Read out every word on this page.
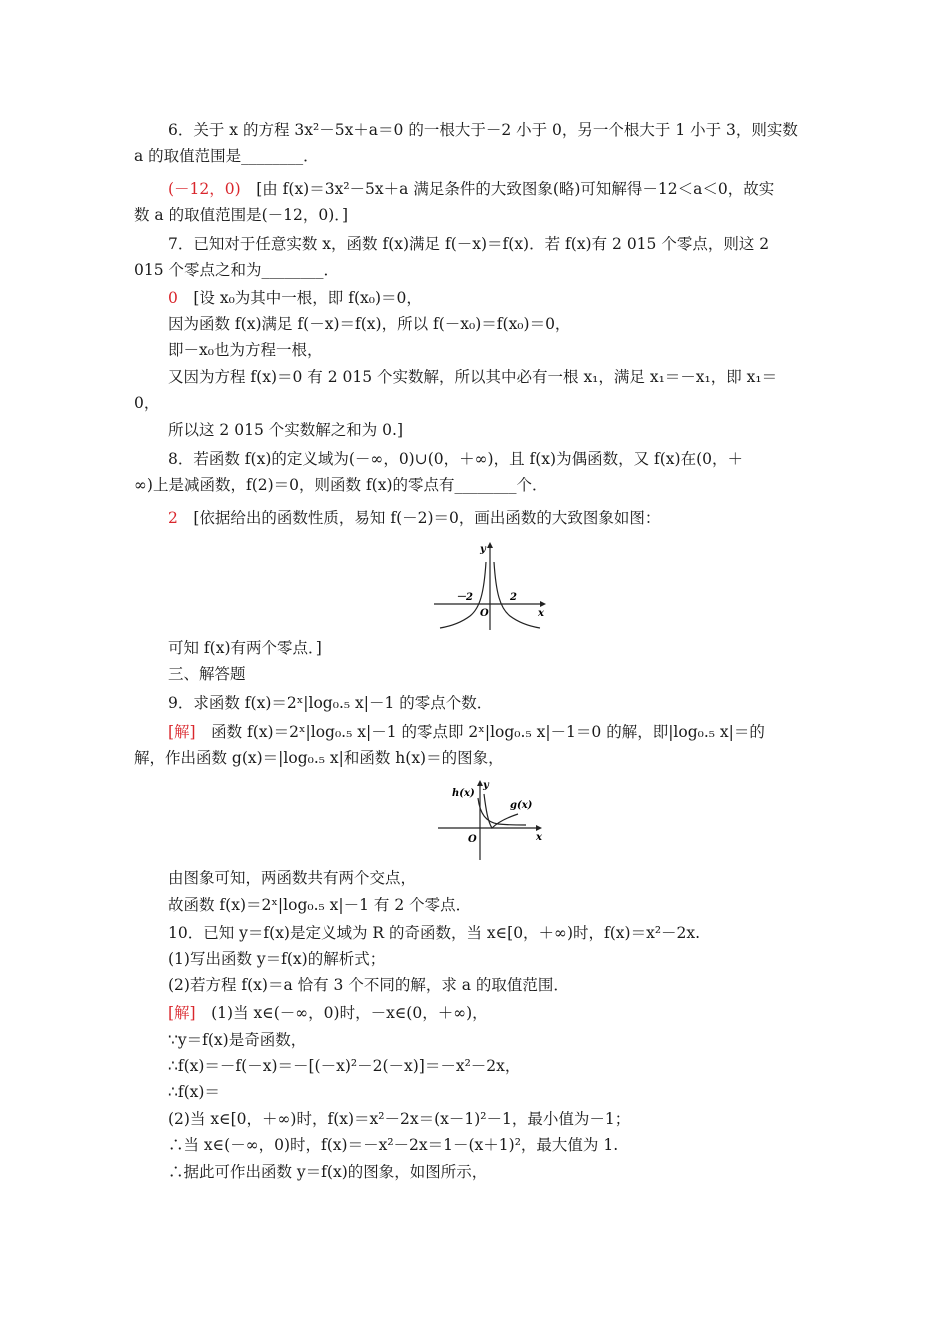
6．关于 x 的方程 3x²－5x＋a＝0 的一根大于－2 小于 0，另一个根大于 1 小于 3，则实数
a 的取值范围是________．
(－12，0)　[由 f(x)＝3x²－5x＋a 满足条件的大致图象(略)可知解得－12＜a＜0，故实
数 a 的取值范围是(－12，0)．]
7．已知对于任意实数 x，函数 f(x)满足 f(－x)＝f(x)．若 f(x)有 2 015 个零点，则这 2
015 个零点之和为________．
0　[设 x₀为其中一根，即 f(x₀)＝0，
因为函数 f(x)满足 f(－x)＝f(x)，所以 f(－x₀)＝f(x₀)＝0，
即－x₀也为方程一根，
又因为方程 f(x)＝0 有 2 015 个实数解，所以其中必有一根 x₁，满足 x₁＝－x₁，即 x₁＝
0，
所以这 2 015 个实数解之和为 0.]
8．若函数 f(x)的定义域为(－∞，0)∪(0，＋∞)，且 f(x)为偶函数，又 f(x)在(0，＋
∞)上是减函数，f(2)＝0，则函数 f(x)的零点有________个．
2　[依据给出的函数性质，易知 f(－2)＝0，画出函数的大致图象如图：
可知 f(x)有两个零点．]
三、解答题
9．求函数 f(x)＝2ˣ|log₀.₅ x|－1 的零点个数．
[解]　函数 f(x)＝2ˣ|log₀.₅ x|－1 的零点即 2ˣ|log₀.₅ x|－1＝0 的解，即|log₀.₅ x|＝的
解，作出函数 g(x)＝|log₀.₅ x|和函数 h(x)＝的图象，
由图象可知，两函数共有两个交点，
故函数 f(x)＝2ˣ|log₀.₅ x|－1 有 2 个零点．
10．已知 y＝f(x)是定义域为 R 的奇函数，当 x∈[0，＋∞)时，f(x)＝x²－2x.
(1)写出函数 y＝f(x)的解析式；
(2)若方程 f(x)＝a 恰有 3 个不同的解，求 a 的取值范围．
[解]　(1)当 x∈(－∞，0)时，－x∈(0，＋∞)，
∵y＝f(x)是奇函数，
∴f(x)＝－f(－x)＝－[(－x)²－2(－x)]＝－x²－2x，
∴f(x)＝
(2)当 x∈[0，＋∞)时，f(x)＝x²－2x＝(x－1)²－1，最小值为－1；
∴当 x∈(－∞，0)时，f(x)＝－x²－2x＝1－(x＋1)²，最大值为 1.
∴据此可作出函数 y＝f(x)的图象，如图所示，
y
x
O
－2	2
h(x)
g(x)
y
x
O
